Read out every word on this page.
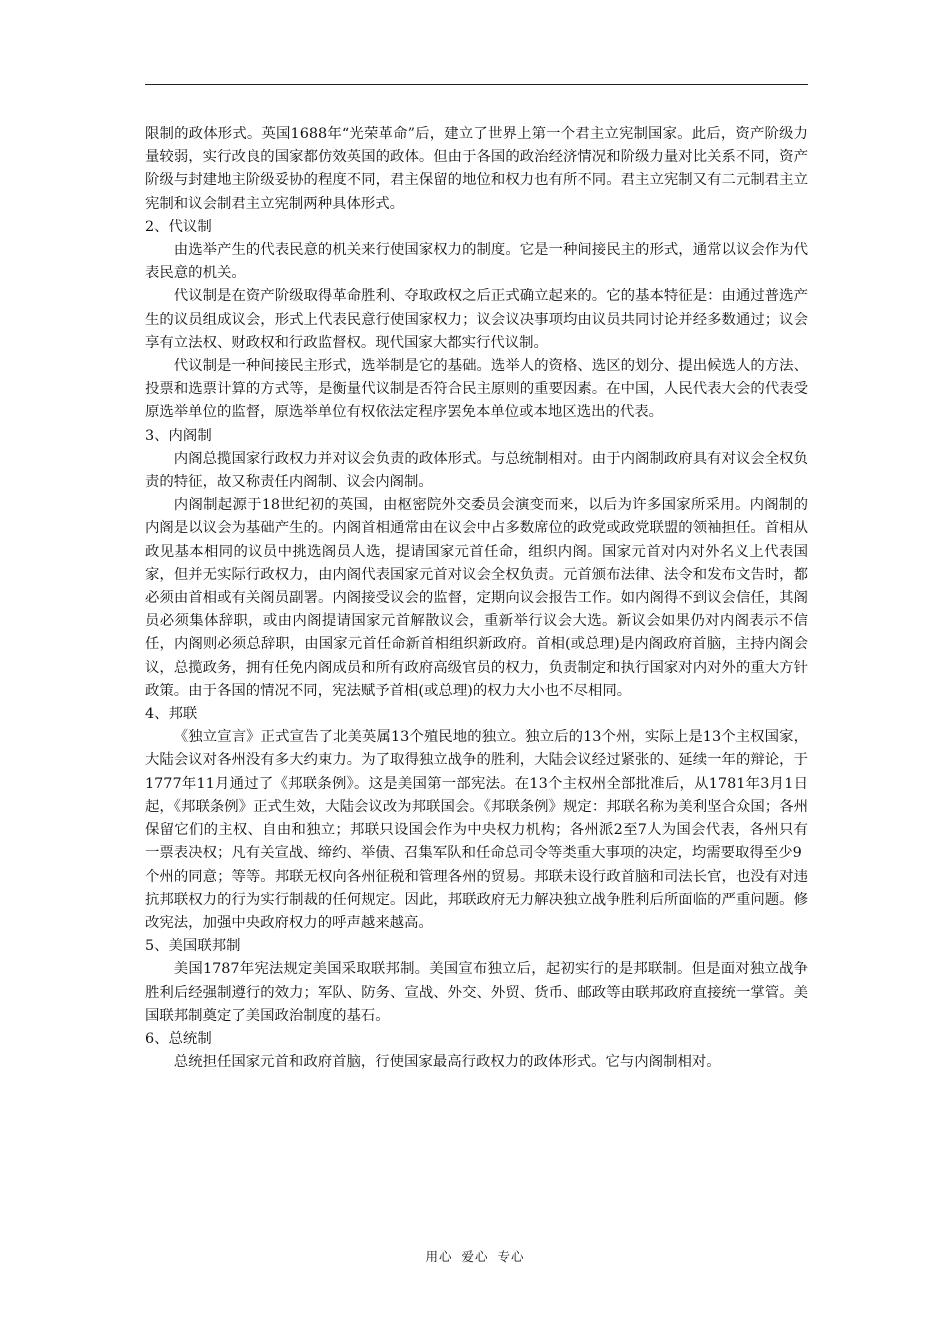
限制的政体形式。英国1688年“光荣革命”后，建立了世界上第一个君主立宪制国家。此后，资产阶级力量较弱，实行改良的国家都仿效英国的政体。但由于各国的政治经济情况和阶级力量对比关系不同，资产阶级与封建地主阶级妥协的程度不同，君主保留的地位和权力也有所不同。君主立宪制又有二元制君主立宪制和议会制君主立宪制两种具体形式。

2、代议制

由选举产生的代表民意的机关来行使国家权力的制度。它是一种间接民主的形式，通常以议会作为代表民意的机关。

代议制是在资产阶级取得革命胜利、夺取政权之后正式确立起来的。它的基本特征是：由通过普选产生的议员组成议会，形式上代表民意行使国家权力；议会议决事项均由议员共同讨论并经多数通过；议会享有立法权、财政权和行政监督权。现代国家大都实行代议制。

代议制是一种间接民主形式，选举制是它的基础。选举人的资格、选区的划分、提出候选人的方法、投票和选票计算的方式等，是衡量代议制是否符合民主原则的重要因素。在中国，人民代表大会的代表受原选举单位的监督，原选举单位有权依法定程序罢免本单位或本地区选出的代表。

3、内阁制

内阁总揽国家行政权力并对议会负责的政体形式。与总统制相对。由于内阁制政府具有对议会全权负责的特征，故又称责任内阁制、议会内阁制。

内阁制起源于18世纪初的英国，由枢密院外交委员会演变而来，以后为许多国家所采用。内阁制的内阁是以议会为基础产生的。内阁首相通常由在议会中占多数席位的政党或政党联盟的领袖担任。首相从政见基本相同的议员中挑选阁员人选，提请国家元首任命，组织内阁。国家元首对内对外名义上代表国家，但并无实际行政权力，由内阁代表国家元首对议会全权负责。元首颁布法律、法令和发布文告时，都必须由首相或有关阁员副署。内阁接受议会的监督，定期向议会报告工作。如内阁得不到议会信任，其阁员必须集体辞职，或由内阁提请国家元首解散议会，重新举行议会大选。新议会如果仍对内阁表示不信任，内阁则必须总辞职，由国家元首任命新首相组织新政府。首相(或总理)是内阁政府首脑，主持内阁会议，总揽政务，拥有任免内阁成员和所有政府高级官员的权力，负责制定和执行国家对内对外的重大方针政策。由于各国的情况不同，宪法赋予首相(或总理)的权力大小也不尽相同。

4、邦联

《独立宣言》正式宣告了北美英属13个殖民地的独立。独立后的13个州，实际上是13个主权国家，大陆会议对各州没有多大约束力。为了取得独立战争的胜利，大陆会议经过紧张的、延续一年的辩论，于1777年11月通过了《邦联条例》。这是美国第一部宪法。在13个主权州全部批准后，从1781年3月1日起，《邦联条例》正式生效，大陆会议改为邦联国会。《邦联条例》规定：邦联名称为美利坚合众国；各州保留它们的主权、自由和独立；邦联只设国会作为中央权力机构；各州派2至7人为国会代表，各州只有一票表决权；凡有关宣战、缔约、举债、召集军队和任命总司令等类重大事项的决定，均需要取得至少9

个州的同意；等等。邦联无权向各州征税和管理各州的贸易。邦联未设行政首脑和司法长官，也没有对违抗邦联权力的行为实行制裁的任何规定。因此，邦联政府无力解决独立战争胜利后所面临的严重问题。修改宪法，加强中央政府权力的呼声越来越高。

5、美国联邦制

美国1787年宪法规定美国采取联邦制。美国宣布独立后，起初实行的是邦联制。但是面对独立战争胜利后经强制遵行的效力；军队、防务、宣战、外交、外贸、货币、邮政等由联邦政府直接统一掌管。美国联邦制奠定了美国政治制度的基石。

6、总统制

总统担任国家元首和政府首脑，行使国家最高行政权力的政体形式。它与内阁制相对。

用心 爱心 专心
